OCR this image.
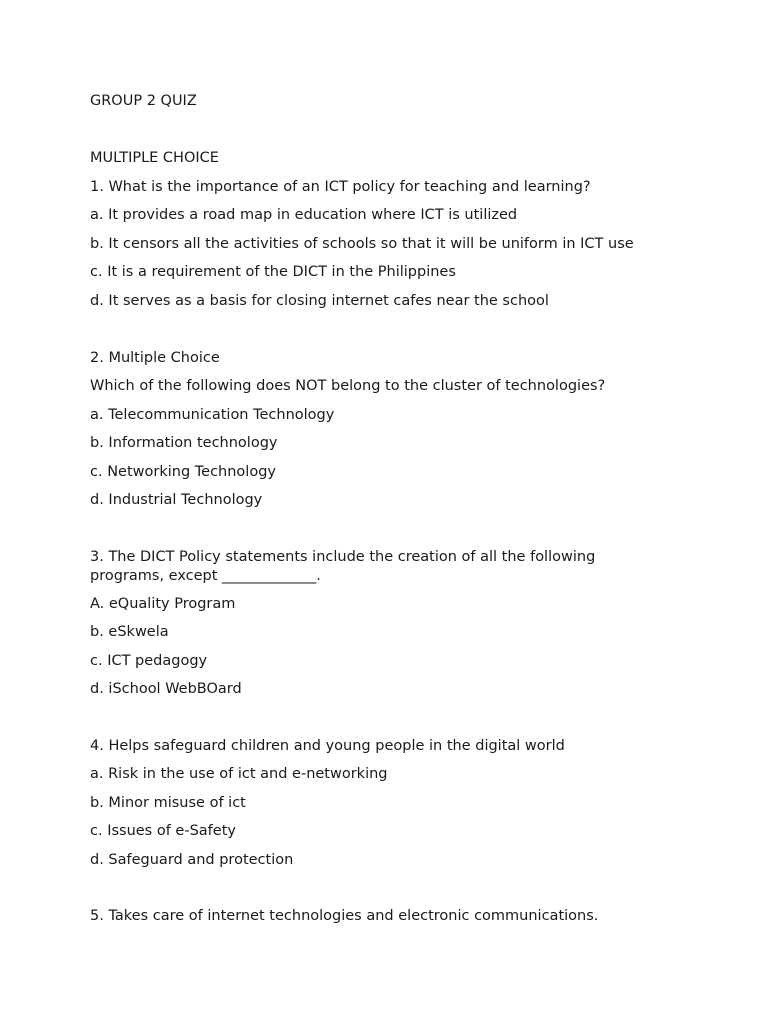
GROUP 2 QUIZ
MULTIPLE CHOICE
1. What is the importance of an ICT policy for teaching and learning?
a. It provides a road map in education where ICT is utilized
b. It censors all the activities of schools so that it will be uniform in ICT use
c. It is a requirement of the DICT in the Philippines
d. It serves as a basis for closing internet cafes near the school
2. Multiple Choice
Which of the following does NOT belong to the cluster of technologies?
a. Telecommunication Technology
b. Information technology
c. Networking Technology
d. Industrial Technology
3. The DICT Policy statements include the creation of all the following programs, except _____________.
A. eQuality Program
b. eSkwela
c. ICT pedagogy
d. iSchool WebBOard
4. Helps safeguard children and young people in the digital world
a. Risk in the use of ict and e-networking
b. Minor misuse of ict
c. Issues of e-Safety
d. Safeguard and protection
5. Takes care of internet technologies and electronic communications.
